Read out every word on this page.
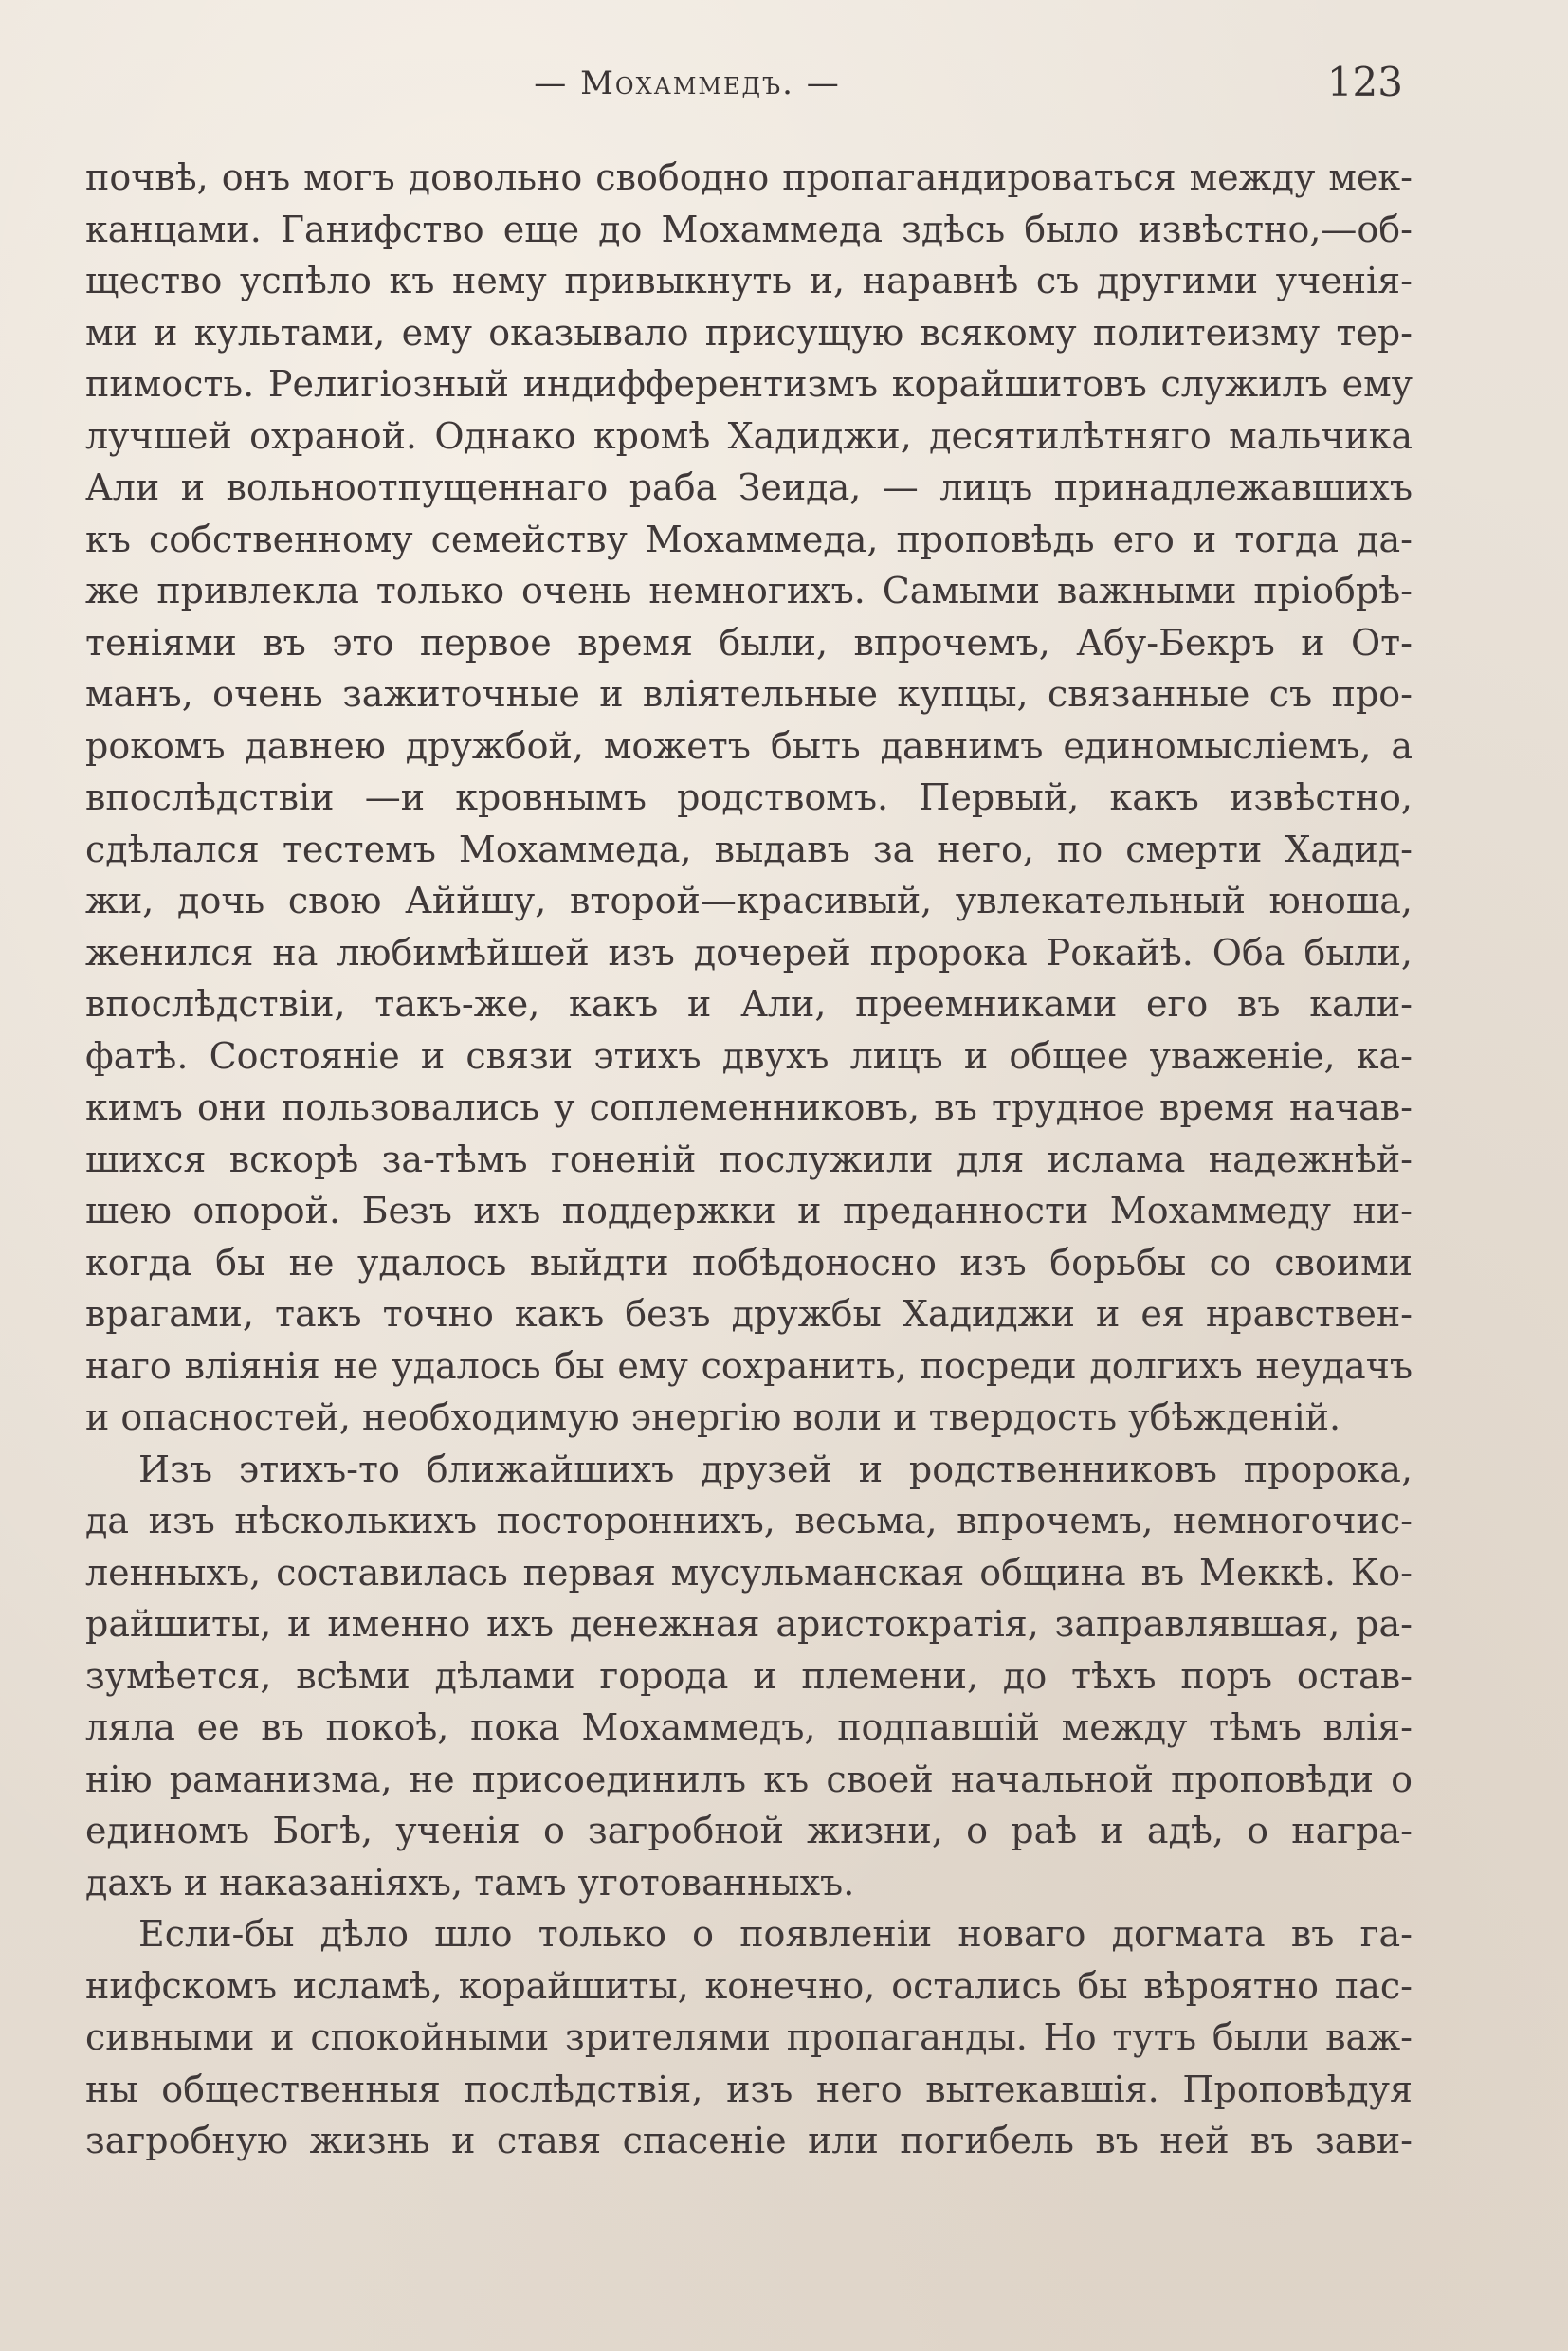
— Мохаммедъ. —	123
почвѣ, онъ могъ довольно свободно пропагандироваться между мек-
канцами. Ганифство еще до Мохаммеда здѣсь было извѣстно,—об-
щество успѣло къ нему привыкнуть и, наравнѣ съ другими ученія-
ми и культами, ему оказывало присущую всякому политеизму тер-
пимость. Религіозный индифферентизмъ корайшитовъ служилъ ему
лучшей охраной. Однако кромѣ Хадиджи, десятилѣтняго мальчика
Али и вольноотпущеннаго раба Зеида, — лицъ принадлежавшихъ
къ собственному семейству Мохаммеда, проповѣдь его и тогда да-
же привлекла только очень немногихъ. Самыми важными пріобрѣ-
теніями въ это первое время были, впрочемъ, Абу-Бекръ и От-
манъ, очень зажиточные и вліятельные купцы, связанные съ про-
рокомъ давнею дружбой, можетъ быть давнимъ единомысліемъ, а
впослѣдствіи —и кровнымъ родствомъ. Первый, какъ извѣстно,
сдѣлался тестемъ Мохаммеда, выдавъ за него, по смерти Хадид-
жи, дочь свою Аййшу, второй—красивый, увлекательный юноша,
женился на любимѣйшей изъ дочерей пророка Рокайѣ. Оба были,
впослѣдствіи, такъ-же, какъ и Али, преемниками его въ кали-
фатѣ. Состояніе и связи этихъ двухъ лицъ и общее уваженіе, ка-
кимъ они пользовались у соплеменниковъ, въ трудное время начав-
шихся вскорѣ за-тѣмъ гоненій послужили для ислама надежнѣй-
шею опорой. Безъ ихъ поддержки и преданности Мохаммеду ни-
когда бы не удалось выйдти побѣдоносно изъ борьбы со своими
врагами, такъ точно какъ безъ дружбы Хадиджи и ея нравствен-
наго вліянія не удалось бы ему сохранить, посреди долгихъ неудачъ
и опасностей, необходимую энергію воли и твердость убѣжденій.
Изъ этихъ-то ближайшихъ друзей и родственниковъ пророка,
да изъ нѣсколькихъ постороннихъ, весьма, впрочемъ, немногочис-
ленныхъ, составилась первая мусульманская община въ Меккѣ. Ко-
райшиты, и именно ихъ денежная аристократія, заправлявшая, ра-
зумѣется, всѣми дѣлами города и племени, до тѣхъ поръ остав-
ляла ее въ покоѣ, пока Мохаммедъ, подпавшій между тѣмъ влія-
нію раманизма, не присоединилъ къ своей начальной проповѣди о
единомъ Богѣ, ученія о загробной жизни, о раѣ и адѣ, о награ-
дахъ и наказаніяхъ, тамъ уготованныхъ.
Если-бы дѣло шло только о появленіи новаго догмата въ га-
нифскомъ исламѣ, корайшиты, конечно, остались бы вѣроятно пас-
сивными и спокойными зрителями пропаганды. Но тутъ были важ-
ны общественныя послѣдствія, изъ него вытекавшія. Проповѣдуя
загробную жизнь и ставя спасеніе или погибель въ ней въ зави-
